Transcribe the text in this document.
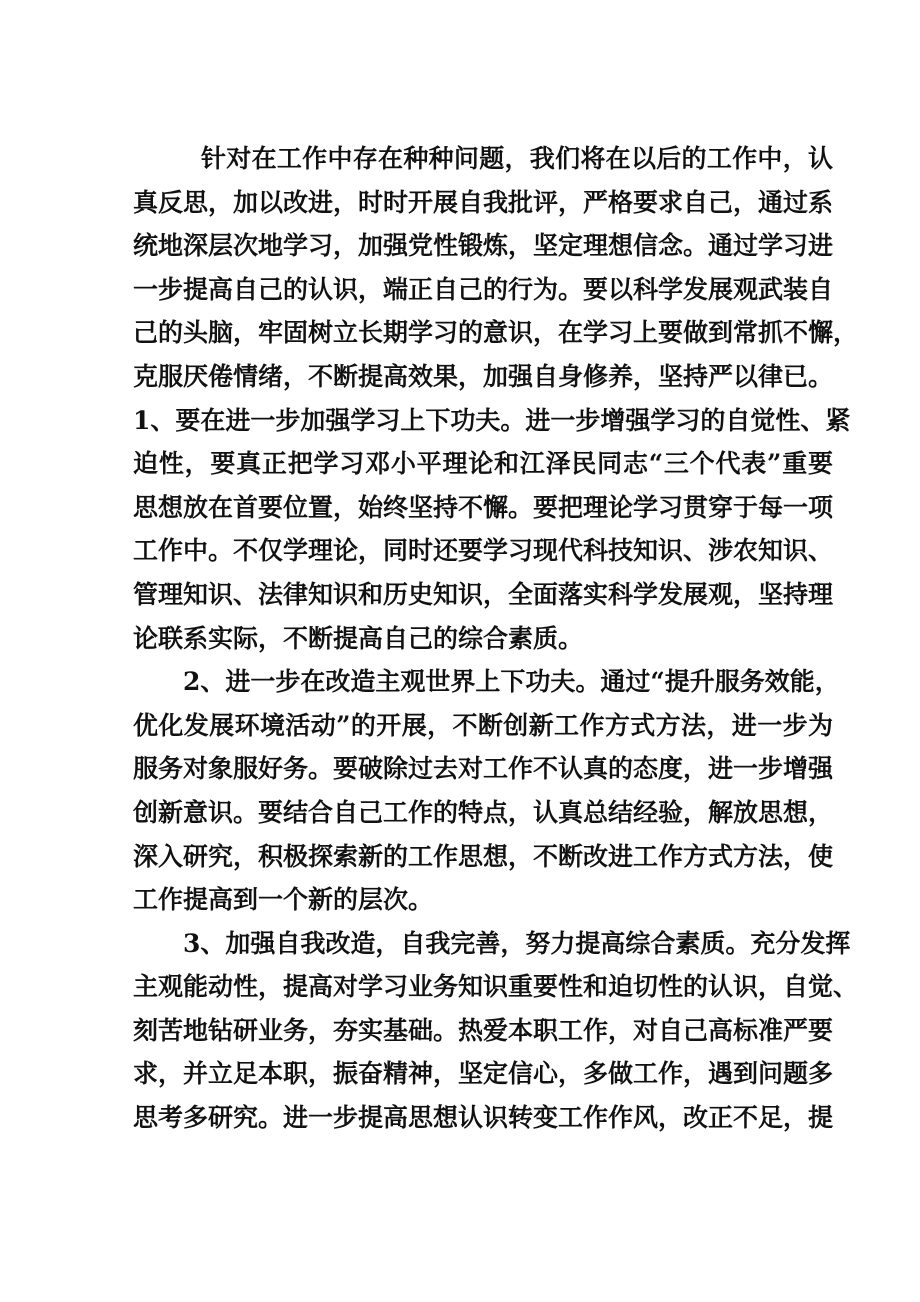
针对在工作中存在种种问题，我们将在以后的工作中，认
真反思，加以改进，时时开展自我批评，严格要求自己，通过系
统地深层次地学习，加强党性锻炼，坚定理想信念。通过学习进
一步提高自己的认识，端正自己的行为。要以科学发展观武装自
己的头脑，牢固树立长期学习的意识，在学习上要做到常抓不懈，
克服厌倦情绪，不断提高效果，加强自身修养，坚持严以律已。
1、要在进一步加强学习上下功夫。进一步增强学习的自觉性、紧
迫性，要真正把学习邓小平理论和江泽民同志“三个代表”重要
思想放在首要位置，始终坚持不懈。要把理论学习贯穿于每一项
工作中。不仅学理论，同时还要学习现代科技知识、涉农知识、
管理知识、法律知识和历史知识，全面落实科学发展观，坚持理
论联系实际，不断提高自己的综合素质。
2、进一步在改造主观世界上下功夫。通过“提升服务效能，
优化发展环境活动”的开展，不断创新工作方式方法，进一步为
服务对象服好务。要破除过去对工作不认真的态度，进一步增强
创新意识。要结合自己工作的特点，认真总结经验，解放思想，
深入研究，积极探索新的工作思想，不断改进工作方式方法，使
工作提高到一个新的层次。
3、加强自我改造，自我完善，努力提高综合素质。充分发挥
主观能动性，提高对学习业务知识重要性和迫切性的认识，自觉、
刻苦地钻研业务，夯实基础。热爱本职工作，对自己高标准严要
求，并立足本职，振奋精神，坚定信心，多做工作，遇到问题多
思考多研究。进一步提高思想认识转变工作作风，改正不足，提
